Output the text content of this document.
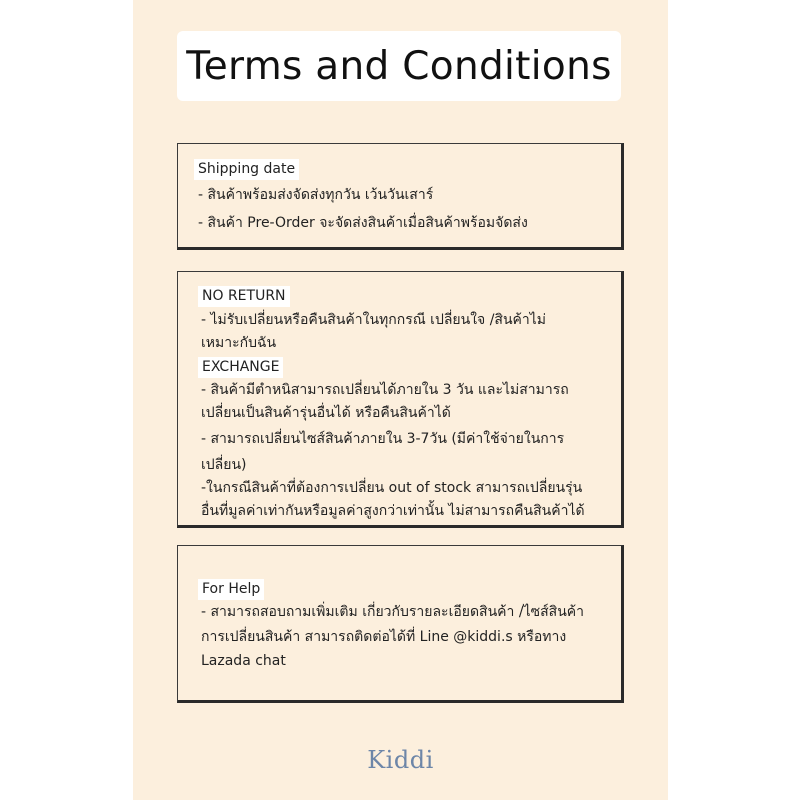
Terms and Conditions
Shipping date
- สินค้าพร้อมส่งจัดส่งทุกวัน เว้นวันเสาร์
- สินค้า Pre-Order จะจัดส่งสินค้าเมื่อสินค้าพร้อมจัดส่ง
NO RETURN
- ไม่รับเปลี่ยนหรือคืนสินค้าในทุกกรณี เปลี่ยนใจ /สินค้าไม่
เหมาะกับฉัน
EXCHANGE
- สินค้ามีตำหนิสามารถเปลี่ยนได้ภายใน 3 วัน และไม่สามารถ
เปลี่ยนเป็นสินค้ารุ่นอื่นได้ หรือคืนสินค้าได้
- สามารถเปลี่ยนไซส์สินค้าภายใน 3-7วัน (มีค่าใช้จ่ายในการ
เปลี่ยน)
-ในกรณีสินค้าที่ต้องการเปลี่ยน out of stock สามารถเปลี่ยนรุ่น
อื่นที่มูลค่าเท่ากันหรือมูลค่าสูงกว่าเท่านั้น ไม่สามารถคืนสินค้าได้
For Help
- สามารถสอบถามเพิ่มเติม เกี่ยวกับรายละเอียดสินค้า /ไซส์สินค้า
การเปลี่ยนสินค้า สามารถติดต่อได้ที่ Line @kiddi.s หรือทาง
Lazada chat
Kiddi
